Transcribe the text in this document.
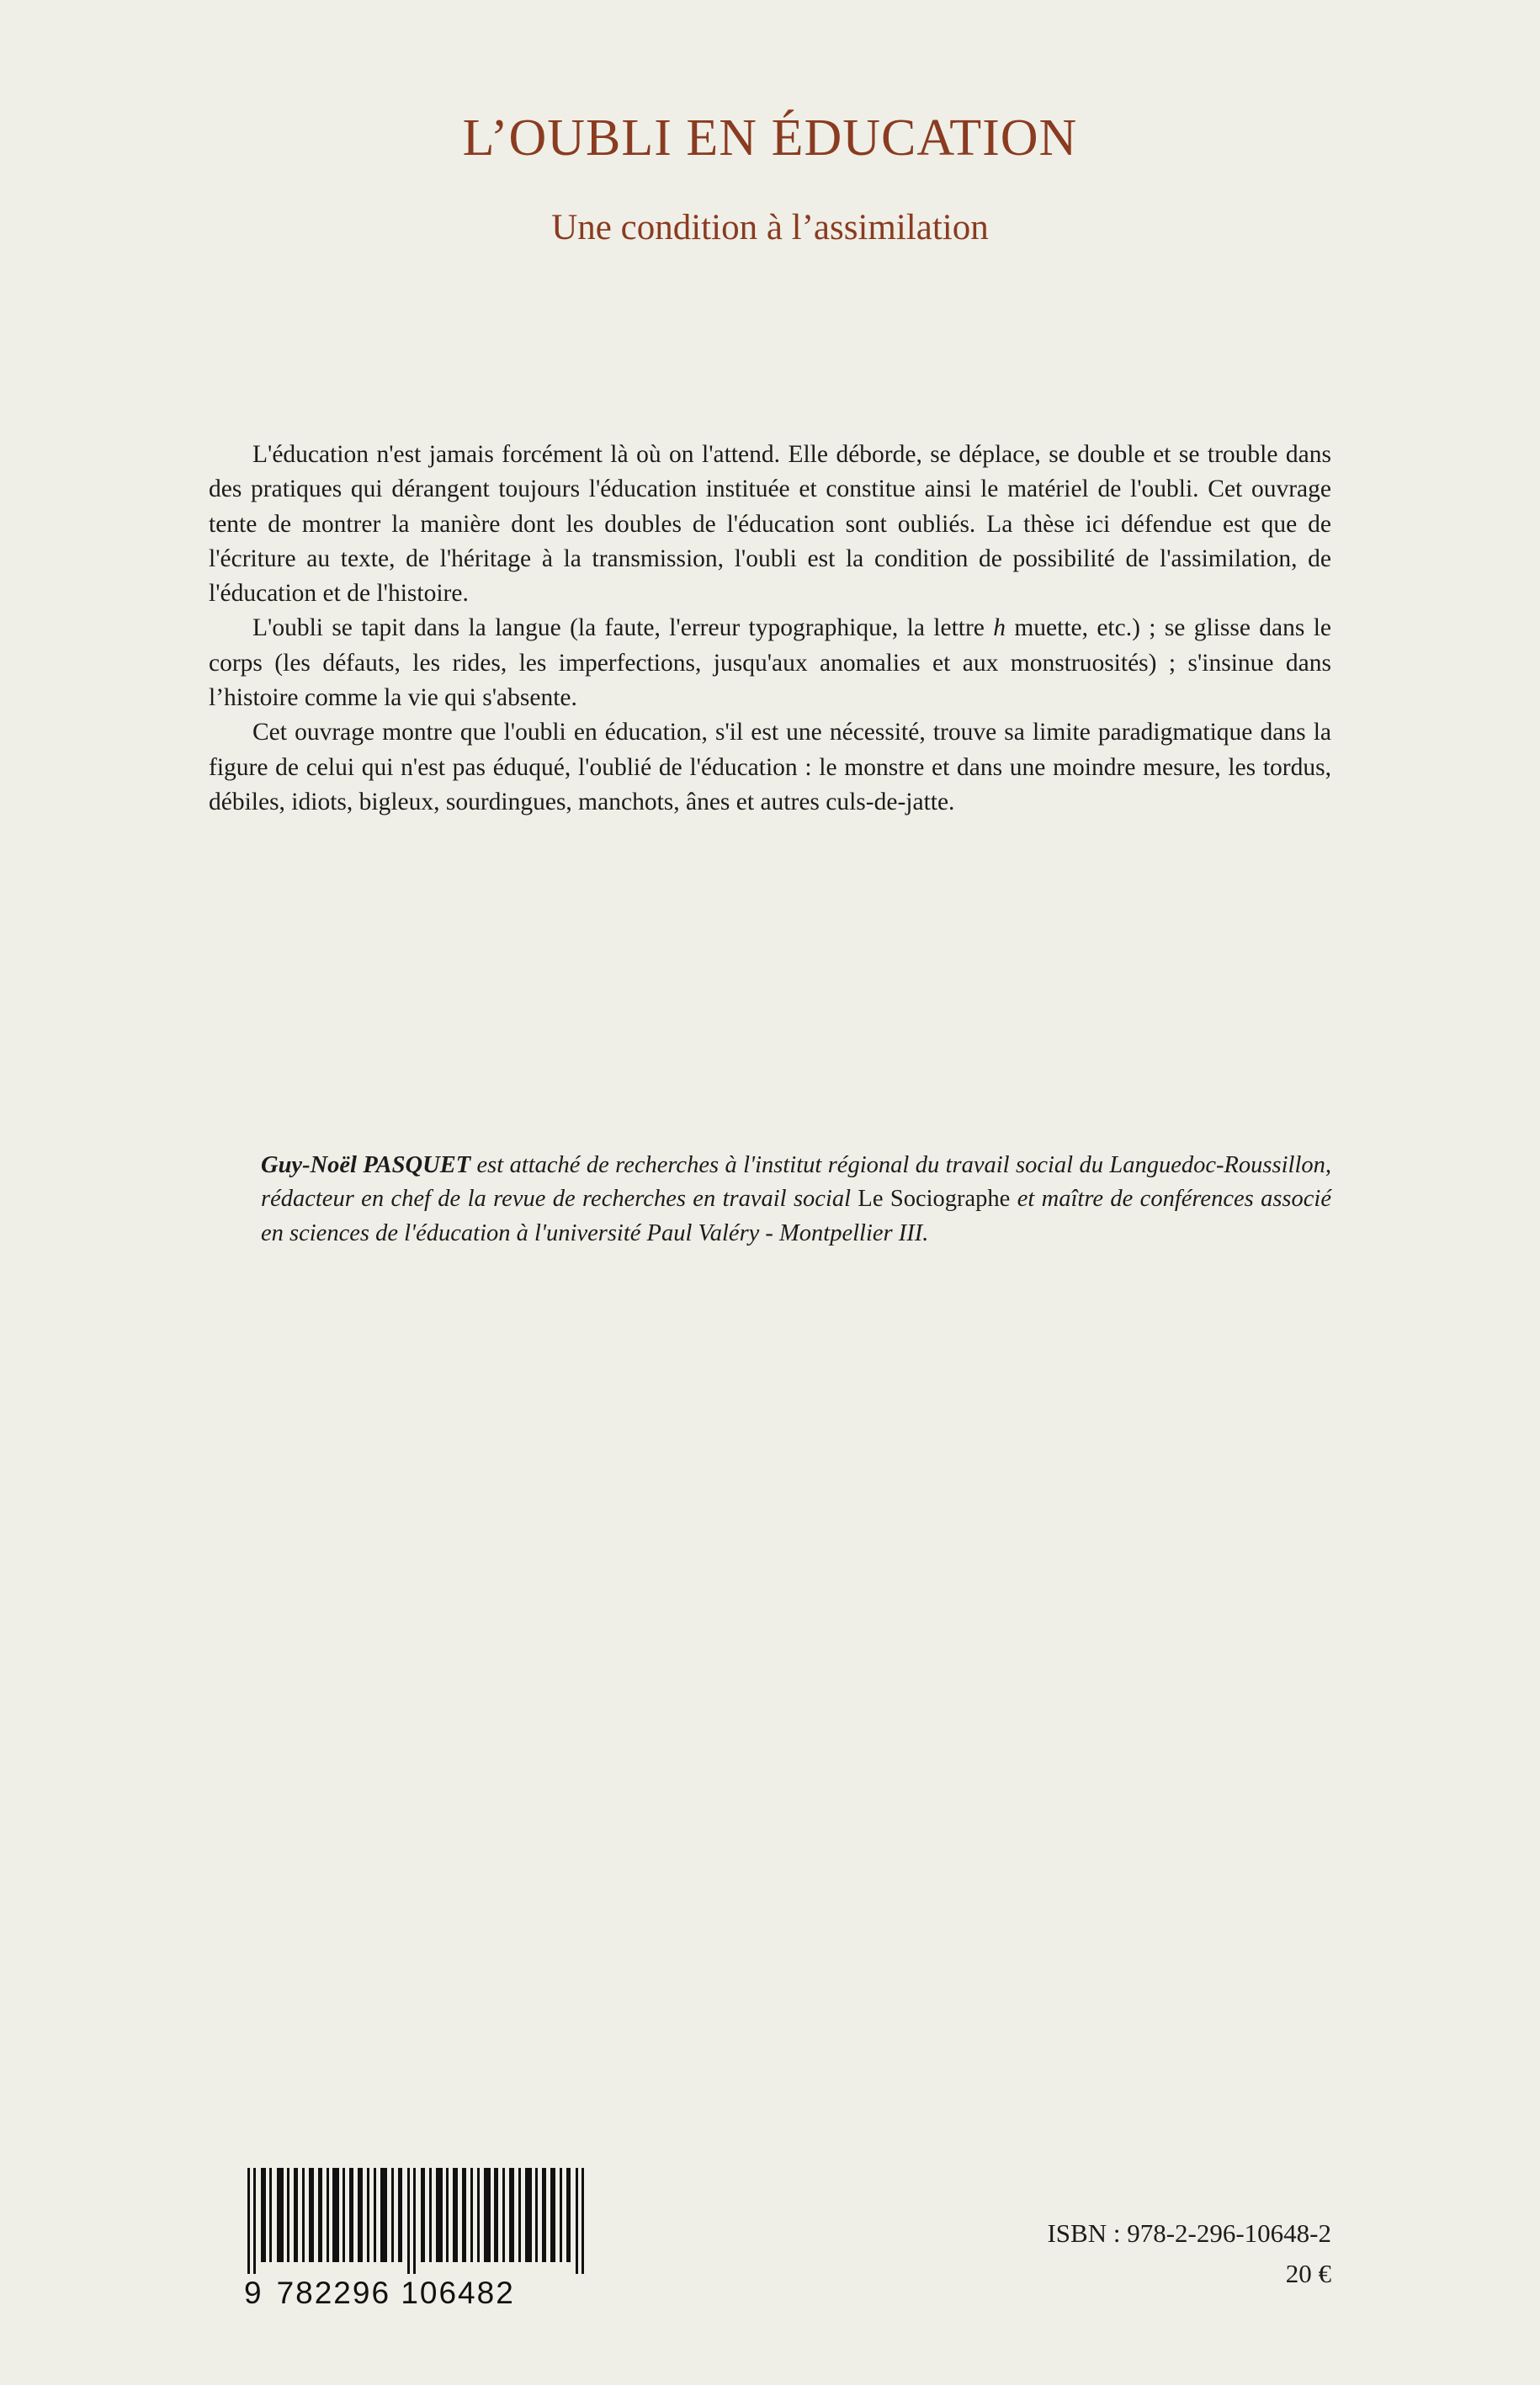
L’OUBLI EN ÉDUCATION
Une condition à l’assimilation

L'éducation n'est jamais forcément là où on l'attend. Elle déborde, se déplace, se double et se trouble dans des pratiques qui dérangent toujours l'éducation instituée et constitue ainsi le matériel de l'oubli. Cet ouvrage tente de montrer la manière dont les doubles de l'éducation sont oubliés. La thèse ici défendue est que de l'écriture au texte, de l'héritage à la transmission, l'oubli est la condition de possibilité de l'assimilation, de l'éducation et de l'histoire.

L'oubli se tapit dans la langue (la faute, l'erreur typographique, la lettre h muette, etc.) ; se glisse dans le corps (les défauts, les rides, les imperfections, jusqu'aux anomalies et aux monstruosités) ; s'insinue dans l’histoire comme la vie qui s'absente.

Cet ouvrage montre que l'oubli en éducation, s'il est une nécessité, trouve sa limite paradigmatique dans la figure de celui qui n'est pas éduqué, l'oublié de l'éducation : le monstre et dans une moindre mesure, les tordus, débiles, idiots, bigleux, sourdingues, manchots, ânes et autres culs-de-jatte.

Guy-Noël PASQUET est attaché de recherches à l'institut régional du travail social du Languedoc-Roussillon, rédacteur en chef de la revue de recherches en travail social Le Sociographe et maître de conférences associé en sciences de l'éducation à l'université Paul Valéry - Montpellier III.
9 782296 106482
ISBN : 978-2-296-10648-2
20 €
